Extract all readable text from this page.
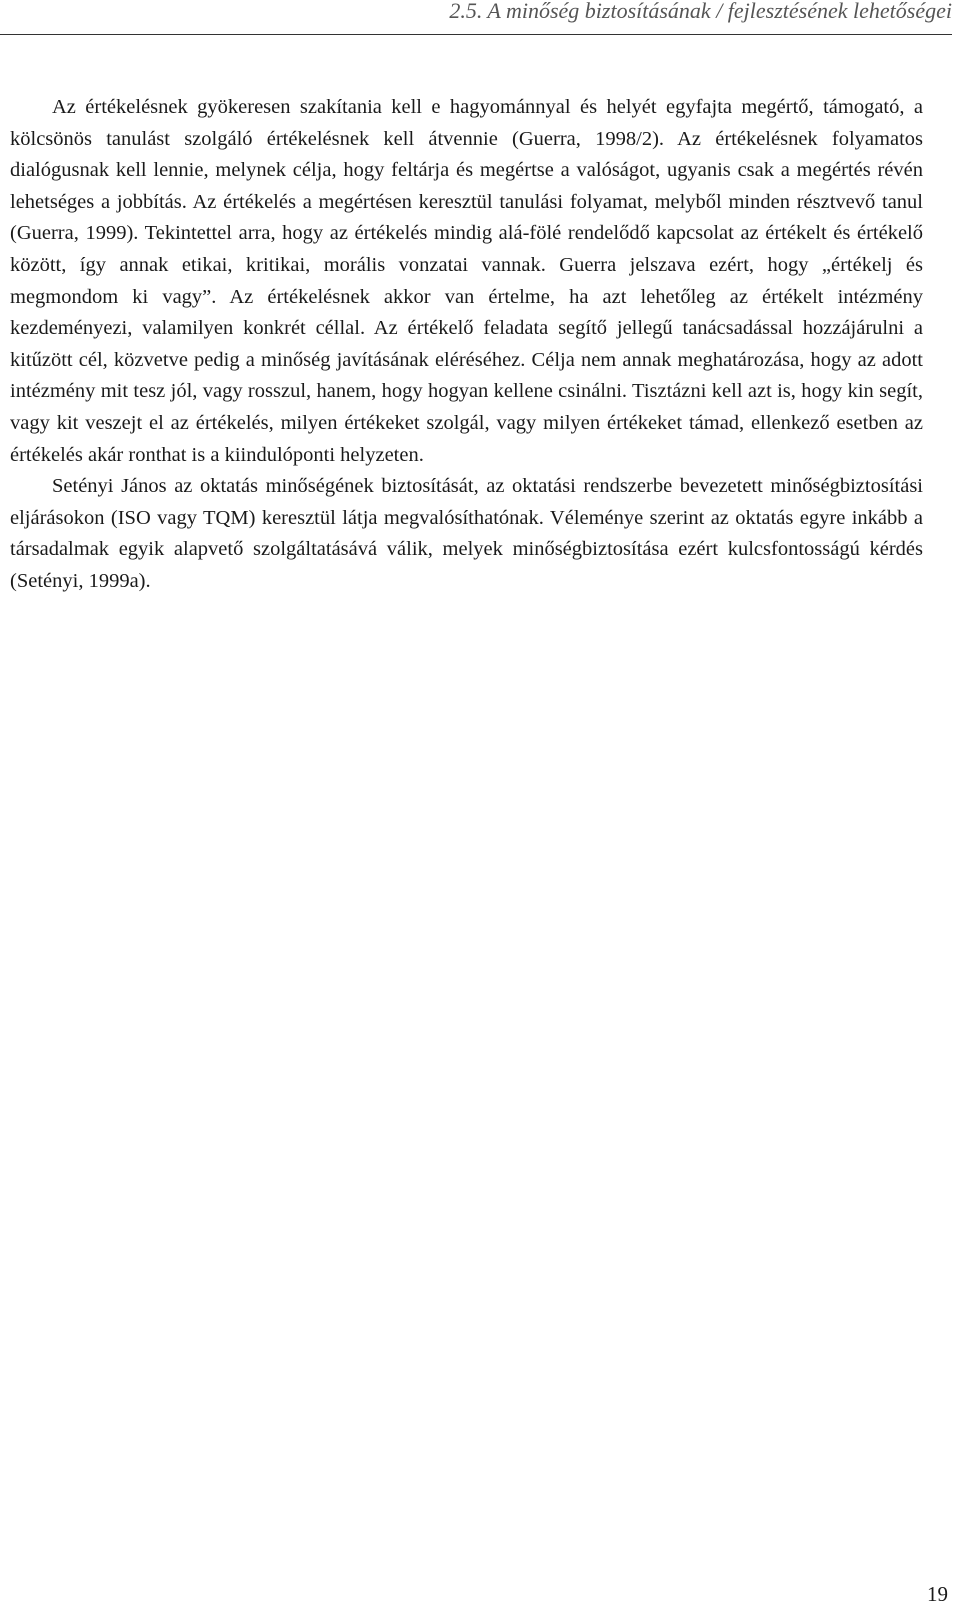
2.5. A minőség biztosításának / fejlesztésének lehetőségei

Az értékelésnek gyökeresen szakítania kell e hagyománnyal és helyét egyfajta megértő, támogató, a kölcsönös tanulást szolgáló értékelésnek kell átvennie (Guerra, 1998/2). Az értékelésnek folyamatos dialógusnak kell lennie, melynek célja, hogy feltárja és megértse a valóságot, ugyanis csak a megértés révén lehetséges a jobbítás. Az értékelés a megértésen keresztül tanulási folyamat, melyből minden résztvevő tanul (Guerra, 1999). Tekintettel arra, hogy az értékelés mindig alá-fölé rendelődő kapcsolat az értékelt és értékelő között, így annak etikai, kritikai, morális vonzatai vannak. Guerra jelszava ezért, hogy „értékelj és megmondom ki vagy”. Az értékelésnek akkor van értelme, ha azt lehetőleg az értékelt intézmény kezdeményezi, valamilyen konkrét céllal. Az értékelő feladata segítő jellegű tanácsadással hozzájárulni a kitűzött cél, közvetve pedig a minőség javításának eléréséhez. Célja nem annak meghatározása, hogy az adott intézmény mit tesz jól, vagy rosszul, hanem, hogy hogyan kellene csinálni. Tisztázni kell azt is, hogy kin segít, vagy kit veszejt el az értékelés, milyen értékeket szolgál, vagy milyen értékeket támad, ellenkező esetben az értékelés akár ronthat is a kiindulóponti helyzeten.

Setényi János az oktatás minőségének biztosítását, az oktatási rendszerbe bevezetett minőségbiztosítási eljárásokon (ISO vagy TQM) keresztül látja megvalósíthatónak. Véleménye szerint az oktatás egyre inkább a társadalmak egyik alapvető szolgáltatásává válik, melyek minőségbiztosítása ezért kulcsfontosságú kérdés (Setényi, 1999a).

19
